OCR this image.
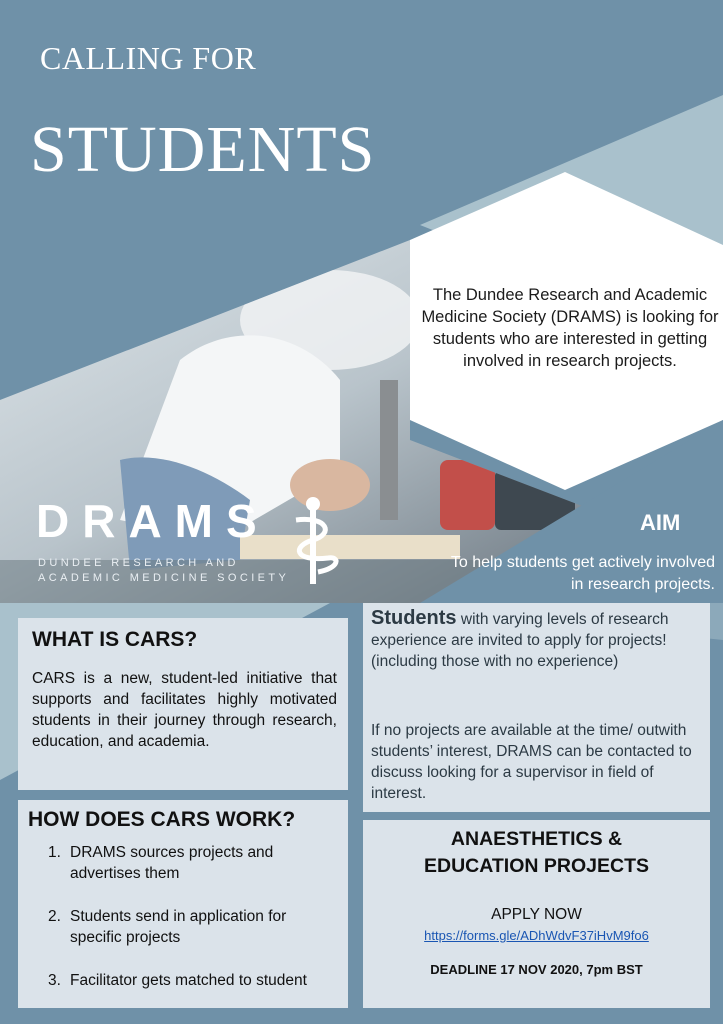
CALLING FOR
STUDENTS
The Dundee Research and Academic Medicine Society (DRAMS) is looking for students who are interested in getting involved in research projects.
DRAMS
DUNDEE RESEARCH AND
ACADEMIC MEDICINE SOCIETY
AIM
To help students get actively involved in research projects.
WHAT IS CARS?
CARS is a new, student-led initiative that supports and facilitates highly motivated students in their journey through research, education, and academia.
HOW DOES CARS WORK?
1. DRAMS sources projects and advertises them
2. Students send in application for specific projects
3. Facilitator gets matched to student
Students with varying levels of research experience are invited to apply for projects! (including those with no experience)
If no projects are available at the time/ outwith students’ interest, DRAMS can be contacted to discuss looking for a supervisor in field of interest.
ANAESTHETICS &
EDUCATION PROJECTS
APPLY NOW
https://forms.gle/ADhWdvF37iHvM9fo6
DEADLINE 17 NOV 2020, 7pm BST
